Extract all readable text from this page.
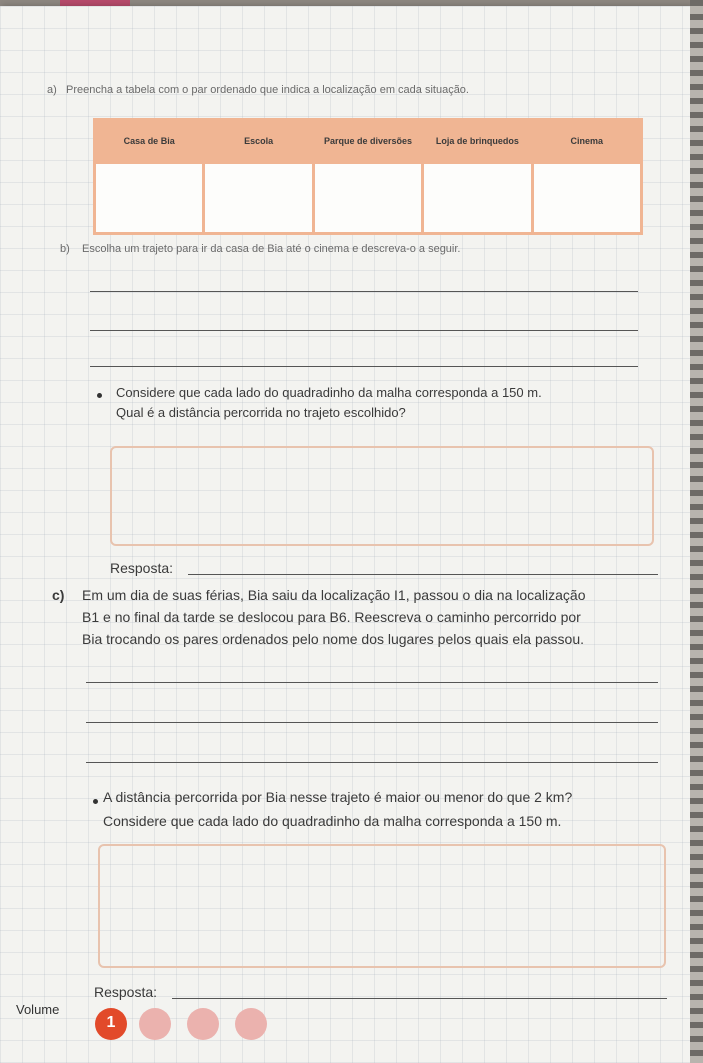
a) Preencha a tabela com o par ordenado que indica a localização em cada situação.
Casa de Bia	Escola	Parque de diversões	Loja de brinquedos	Cinema

b) Escolha um trajeto para ir da casa de Bia até o cinema e descreva-o a seguir.
Considere que cada lado do quadradinho da malha corresponda a 150 m.
Qual é a distância percorrida no trajeto escolhido?
Resposta:
c) Em um dia de suas férias, Bia saiu da localização I1, passou o dia na localização
B1 e no final da tarde se deslocou para B6. Reescreva o caminho percorrido por
Bia trocando os pares ordenados pelo nome dos lugares pelos quais ela passou.
A distância percorrida por Bia nesse trajeto é maior ou menor do que 2 km?
Considere que cada lado do quadradinho da malha corresponda a 150 m.
Resposta:
Volume
1
